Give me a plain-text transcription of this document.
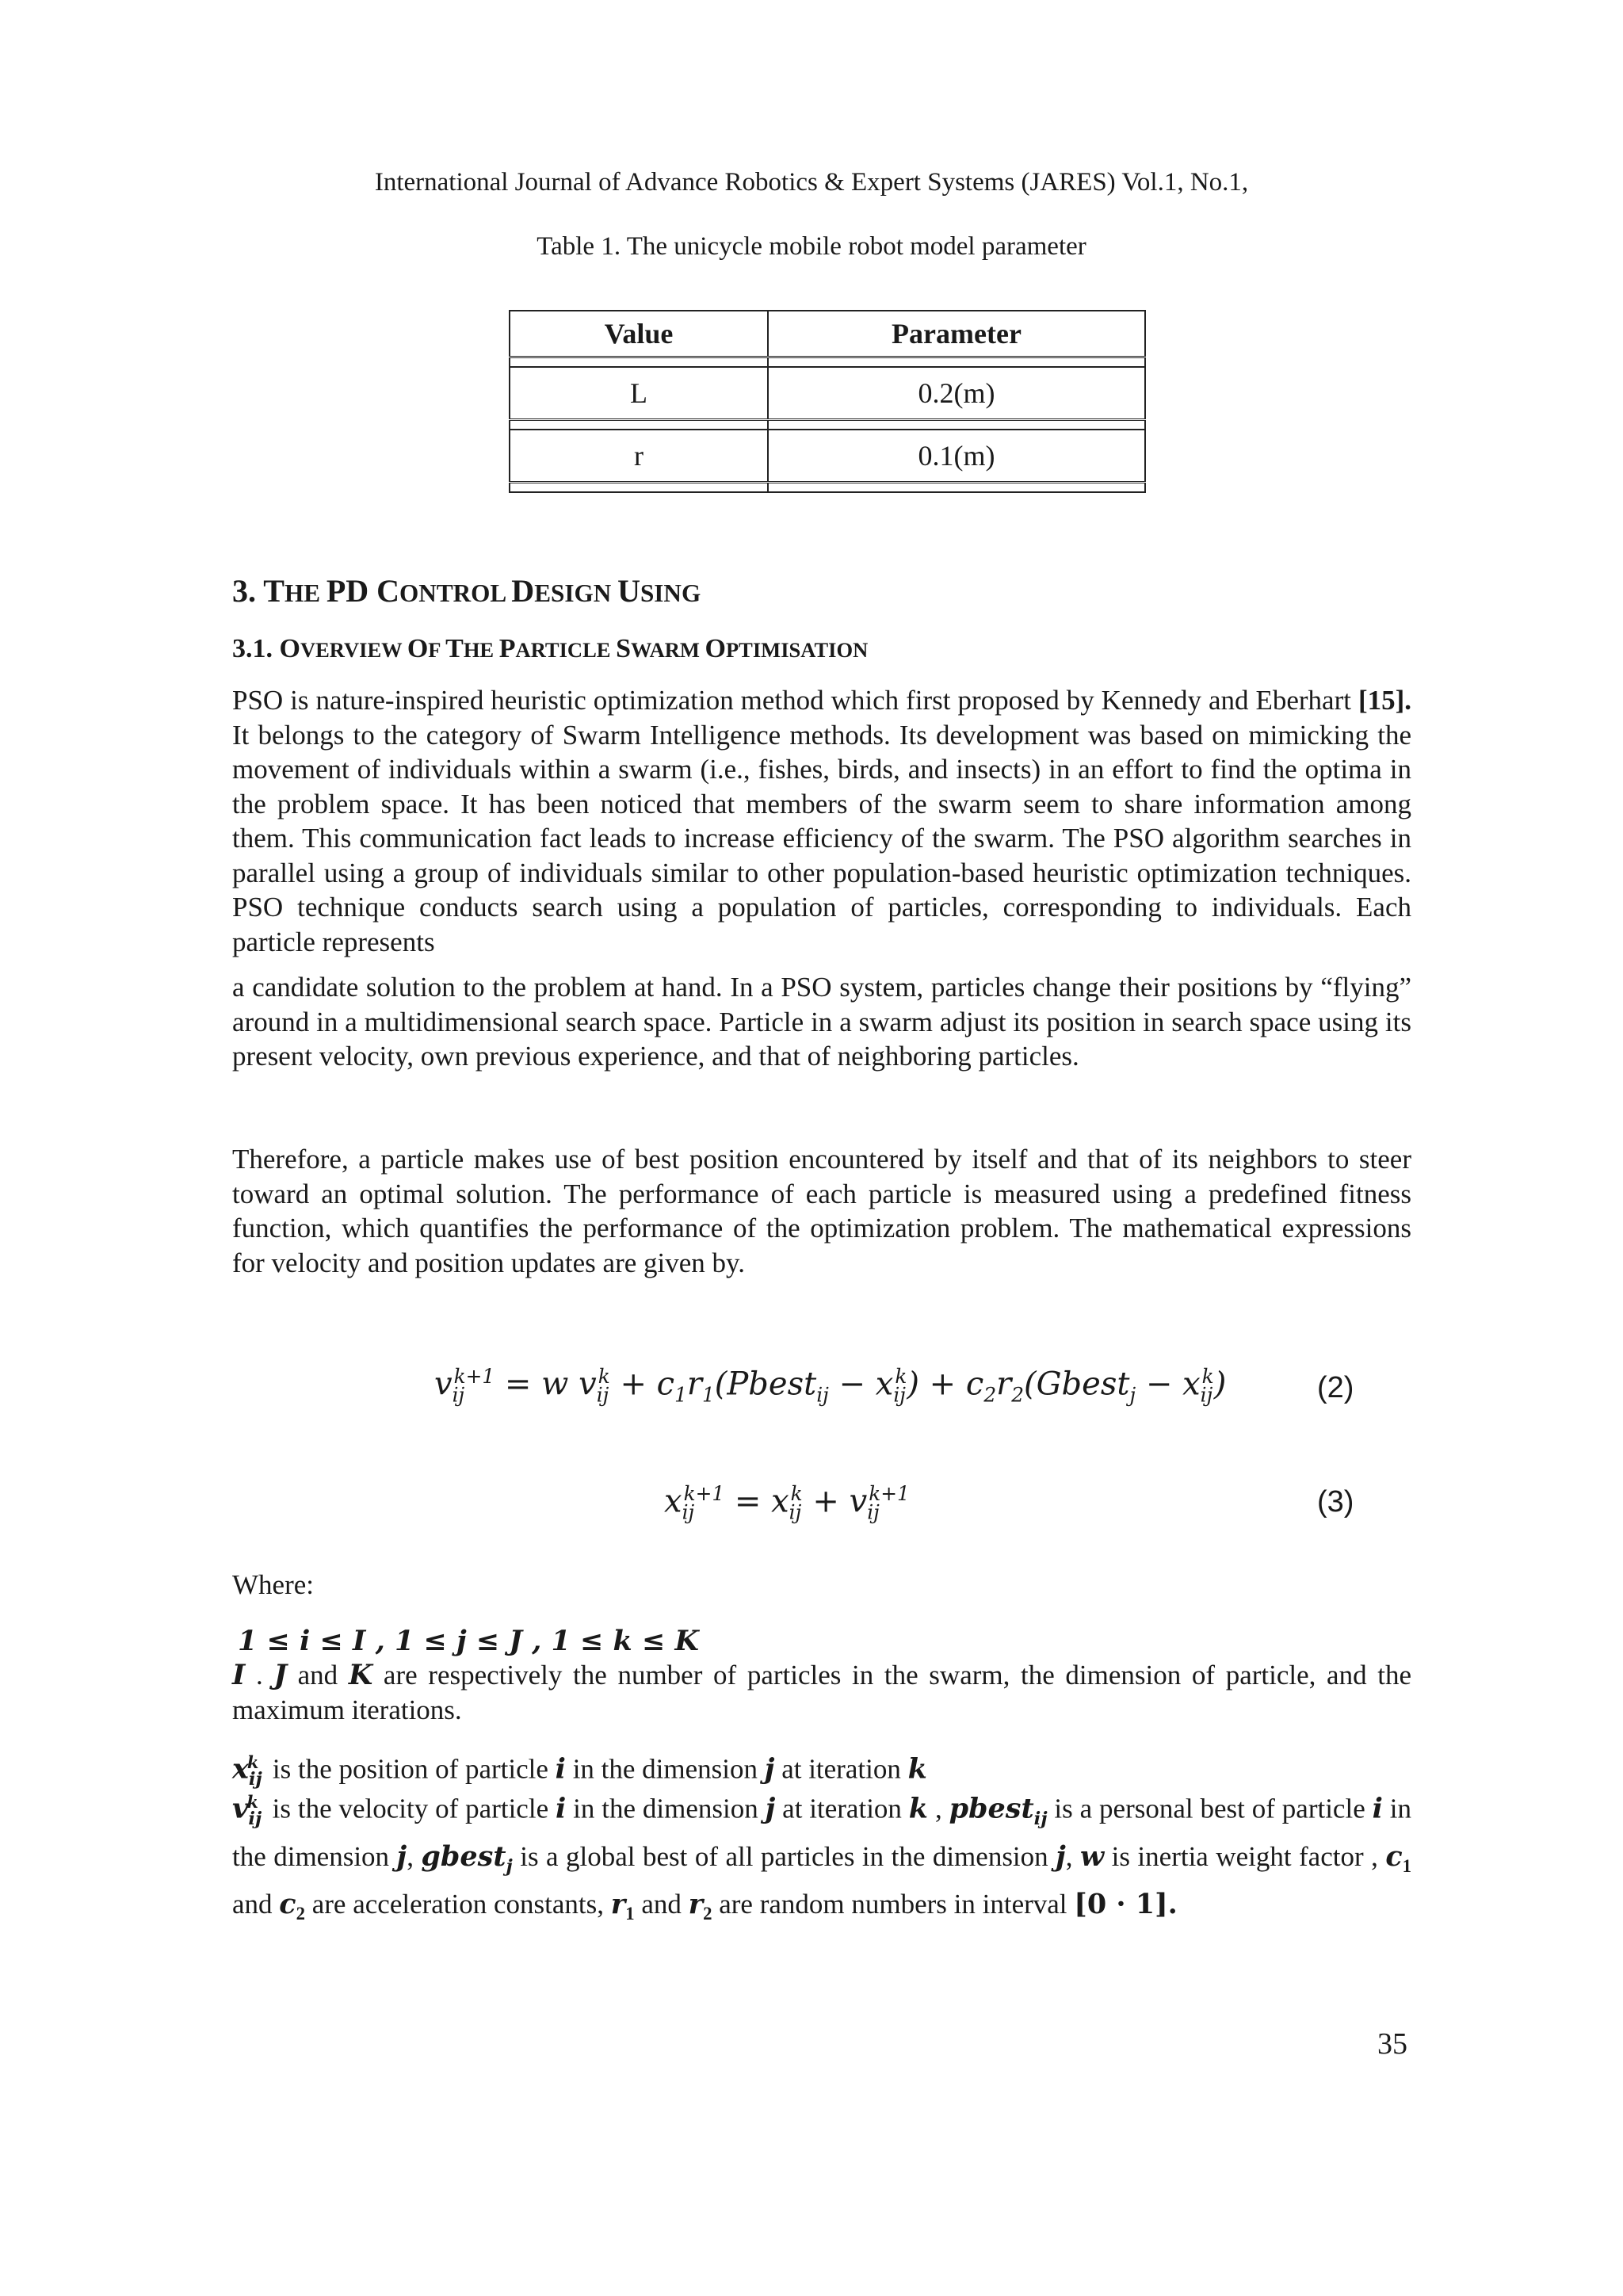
International Journal of Advance Robotics & Expert Systems (JARES) Vol.1, No.1,
Table 1. The unicycle mobile robot model parameter
Value	Parameter

L	0.2(m)

r	0.1(m)

3. THE PD CONTROL DESIGN USING
3.1. OVERVIEW OF THE PARTICLE SWARM OPTIMISATION
PSO is nature-inspired heuristic optimization method which first proposed by Kennedy and Eberhart [15]. It belongs to the category of Swarm Intelligence methods. Its development was based on mimicking the movement of individuals within a swarm (i.e., fishes, birds, and insects) in an effort to find the optima in the problem space. It has been noticed that members of the swarm seem to share information among them. This communication fact leads to increase efficiency of the swarm. The PSO algorithm searches in parallel using a group of individuals similar to other population-based heuristic optimization techniques. PSO technique conducts search using a population of particles, corresponding to individuals. Each particle represents
a candidate solution to the problem at hand. In a PSO system, particles change their positions by “flying” around in a multidimensional search space. Particle in a swarm adjust its position in search space using its present velocity, own previous experience, and that of neighboring particles.
Therefore, a particle makes use of best position encountered by itself and that of its neighbors to steer toward an optimal solution. The performance of each particle is measured using a predefined fitness function, which quantifies the performance of the optimization problem. The mathematical expressions for velocity and position updates are given by.
$v_{ij}^{k+1} = w$ $v_{ij}^k$ + $c_1r_1(Pbest_{ij} - x_{ij}^k)$ + $c_2r_2(Gbest_j - x_{ij}^k)$	(2)
$x_{ij}^{k+1} = x_{ij}^k + v_{ij}^{k+1}$	(3)
Where:
1 ≤ i ≤ I , 1 ≤ j ≤ J , 1 ≤ k ≤ K
I . J and K are respectively the number of particles in the swarm, the dimension of particle, and the maximum iterations.
$x_{ij}^k$  is the position of particle i in the dimension j at iteration k
$v_{ij}^k$  is the velocity of particle i in the dimension j at iteration k , pbest$_{ij}$ is a personal best of particle i in the dimension j, gbest$_j$ is a global best of all particles in the dimension j, w is inertia weight factor , $c_1$ and $c_2$ are acceleration constants, $r_1$ and $r_2$ are random numbers in interval [0 · 1].
35
